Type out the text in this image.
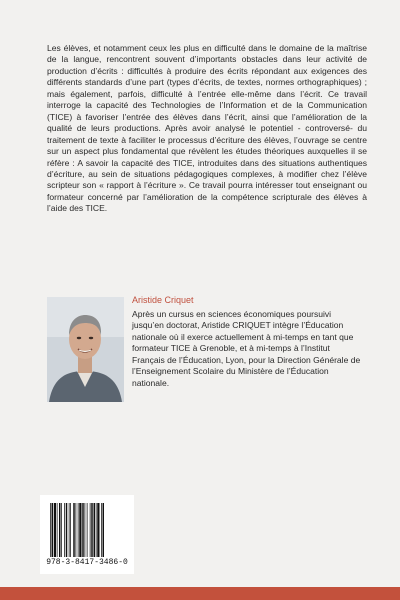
Les élèves, et notamment ceux les plus en difficulté dans le domaine de la maîtrise de la langue, rencontrent souvent d’importants obstacles dans leur activité de production d’écrits : difficultés à produire des écrits répondant aux exigences des différents standards d’une part (types d’écrits, de textes, normes orthographiques) ; mais également, parfois, difficulté à l’entrée elle-même dans l’écrit. Ce travail interroge la capacité des Technologies de l’Information et de la Communication (TICE) à favoriser l’entrée des élèves dans l’écrit, ainsi que l’amélioration de la qualité de leurs productions. Après avoir analysé le potentiel - controversé- du traitement de texte à faciliter le processus d’écriture des élèves, l’ouvrage se centre sur un aspect plus fondamental que révèlent les études théoriques auxquelles il se réfère : A savoir la capacité des TICE, introduites dans des situations authentiques d’écriture, au sein de situations pédagogiques complexes, à modifier chez l’élève scripteur son « rapport à l’écriture ». Ce travail pourra intéresser tout enseignant ou formateur concerné par l’amélioration de la compétence scripturale des élèves à l’aide des TICE.
Aristide Criquet
Après un cursus en sciences économiques poursuivi jusqu’en doctorat, Aristide CRIQUET intègre l’Éducation nationale où il exerce actuellement à mi-temps en tant que formateur TICE à Grenoble, et à mi-temps à l’Institut Français de l’Éducation, Lyon, pour la Direction Générale de l’Enseignement Scolaire du Ministère de l’Éducation nationale.
978-3-8417-3486-0
